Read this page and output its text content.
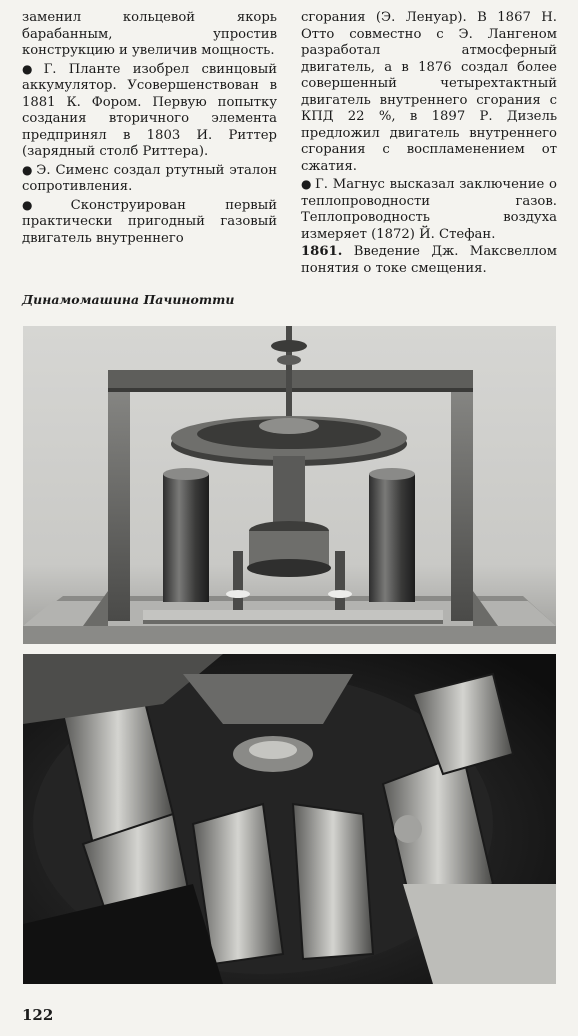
заменил кольцевой якорь барабанным, упростив конструкцию и увеличив мощность.

● Г. Планте изобрел свинцовый аккумулятор. Усовершенствован в 1881 К. Фором. Первую попытку создания вторичного элемента предпринял в 1803 И. Риттер (зарядный столб Риттера).

● Э. Сименс создал ртутный эталон сопротивления.

● Сконструирован первый практически пригодный газовый двигатель внутреннего

Динамомашина Пачинотти

сгорания (Э. Ленуар). В 1867 Н. Отто совместно с Э. Лангеном разработал атмосферный двигатель, а в 1876 создал более совершенный четырехтактный двигатель внутреннего сгорания с КПД 22 %, в 1897 Р. Дизель предложил двигатель внутреннего сгорания с воспламенением от сжатия.

● Г. Магнус высказал заключение о теплопроводности газов. Теплопроводность воздуха измеряет (1872) Й. Стефан.

1861. Введение Дж. Максвеллом понятия о токе смещения.

122
